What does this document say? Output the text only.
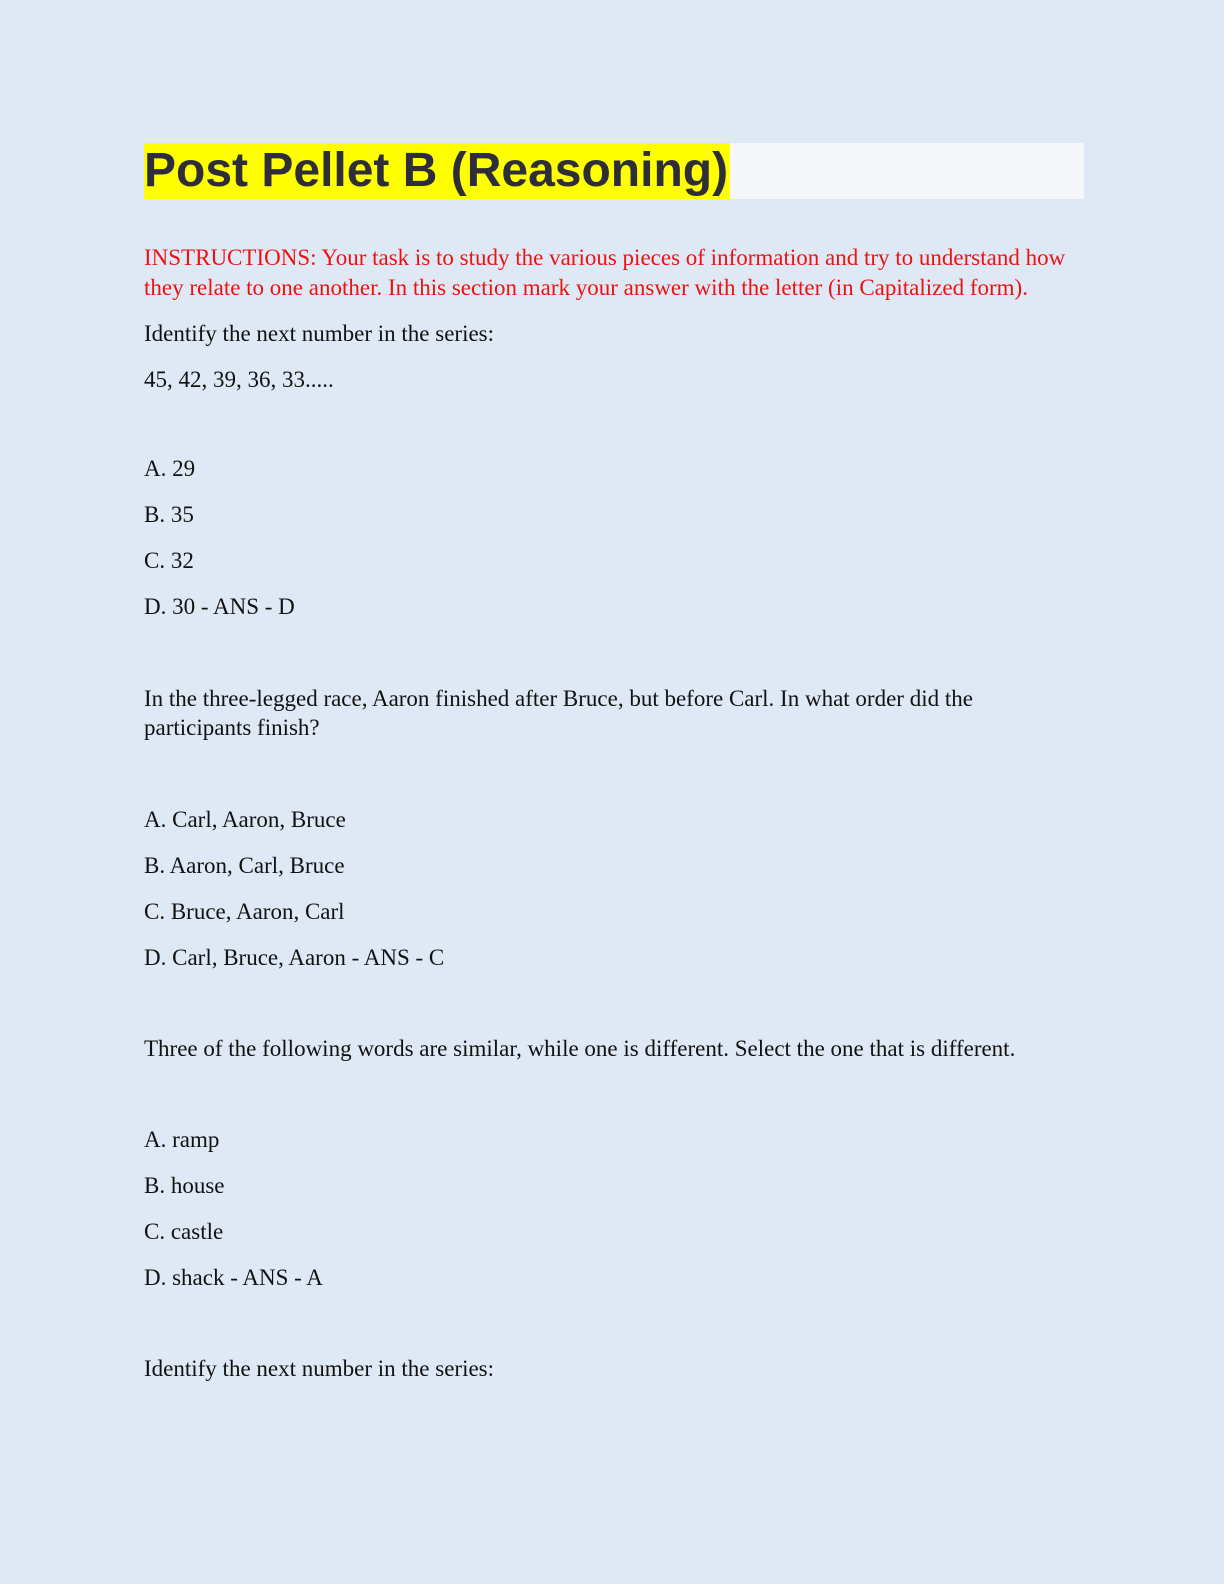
Post Pellet B (Reasoning)

INSTRUCTIONS: Your task is to study the various pieces of information and try to understand how they relate to one another. In this section mark your answer with the letter (in Capitalized form).

Identify the next number in the series:

45, 42, 39, 36, 33.....

A. 29

B. 35

C. 32

D. 30 - ANS - D

In the three-legged race, Aaron finished after Bruce, but before Carl. In what order did the participants finish?

A. Carl, Aaron, Bruce

B. Aaron, Carl, Bruce

C. Bruce, Aaron, Carl

D. Carl, Bruce, Aaron - ANS - C

Three of the following words are similar, while one is different. Select the one that is different.

A. ramp

B. house

C. castle

D. shack - ANS - A

Identify the next number in the series:
